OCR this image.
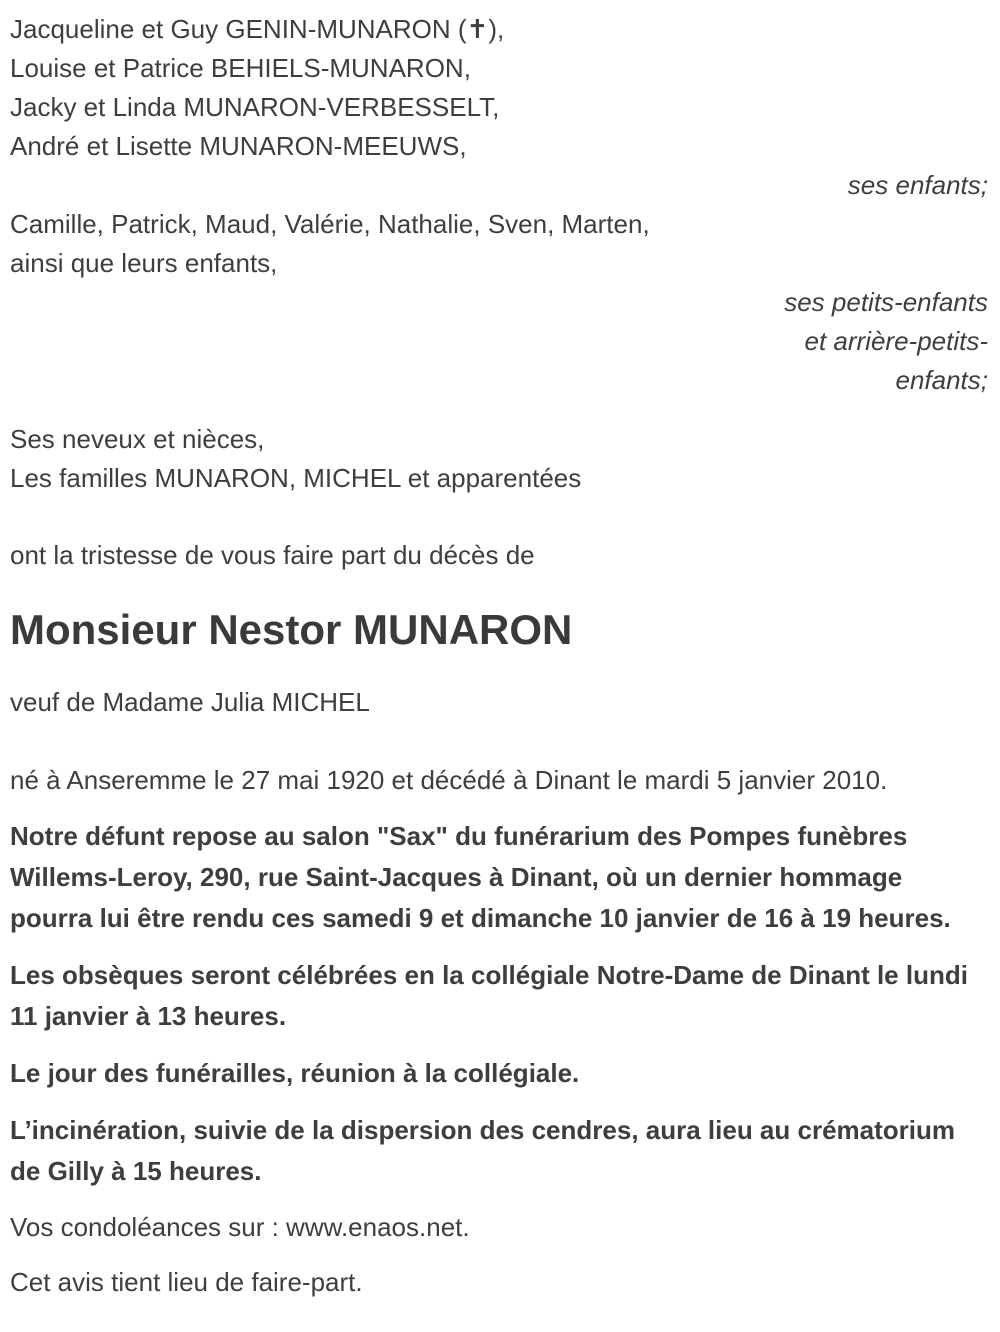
Jacqueline et Guy GENIN-MUNARON (✝),
Louise et Patrice BEHIELS-MUNARON,
Jacky et Linda MUNARON-VERBESSELT,
André et Lisette MUNARON-MEEUWS,
ses enfants;
Camille, Patrick, Maud, Valérie, Nathalie, Sven, Marten,
ainsi que leurs enfants,
ses petits-enfants
et arrière-petits-
enfants;
Ses neveux et nièces,
Les familles MUNARON, MICHEL et apparentées
ont la tristesse de vous faire part du décès de
Monsieur Nestor MUNARON
veuf de Madame Julia MICHEL

né à Anseremme le 27 mai 1920 et décédé à Dinant le mardi 5 janvier 2010.

Notre défunt repose au salon "Sax" du funérarium des Pompes funèbres Willems-Leroy, 290, rue Saint-Jacques à Dinant, où un dernier hommage pourra lui être rendu ces samedi 9 et dimanche 10 janvier de 16 à 19 heures.

Les obsèques seront célébrées en la collégiale Notre-Dame de Dinant le lundi 11 janvier à 13 heures.

Le jour des funérailles, réunion à la collégiale.

L’incinération, suivie de la dispersion des cendres, aura lieu au crématorium de Gilly à 15 heures.

Vos condoléances sur : www.enaos.net.

Cet avis tient lieu de faire-part.
